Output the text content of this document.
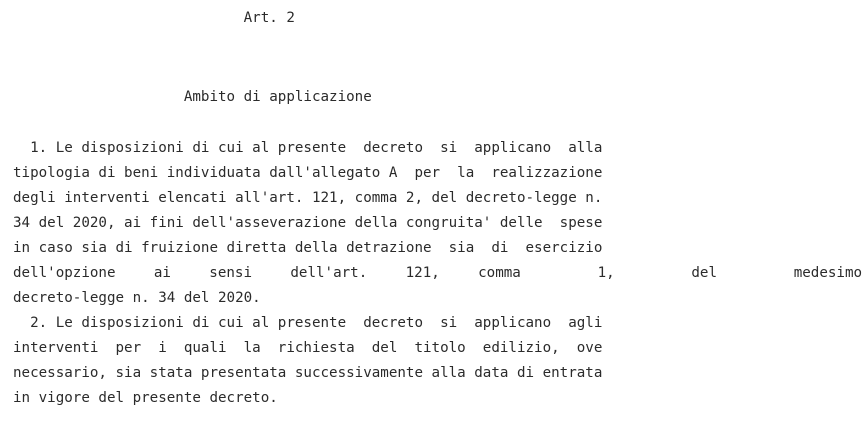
Art. 2
Ambito di applicazione
1. Le disposizioni di cui al presente  decreto  si  applicano  alla
tipologia di beni individuata dall'allegato A  per  la  realizzazione
degli interventi elencati all'art. 121, comma 2, del decreto-legge n.
34 del 2020, ai fini dell'asseverazione della congruita' delle  spese
in caso sia di fruizione diretta della detrazione  sia  di  esercizio
dell'opzione ai sensi dell'art. 121, comma  1,  del  medesimo
decreto-legge n. 34 del 2020.
2. Le disposizioni di cui al presente  decreto  si  applicano  agli
interventi  per  i  quali  la  richiesta  del  titolo  edilizio,  ove
necessario, sia stata presentata successivamente alla data di entrata
in vigore del presente decreto.
